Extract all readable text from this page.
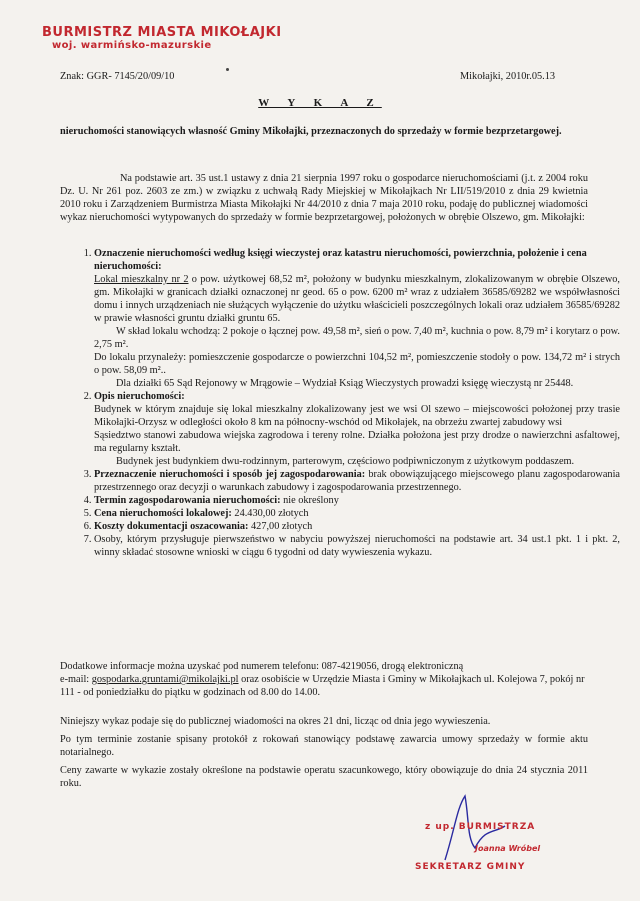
BURMISTRZ MIASTA MIKOŁAJKI
woj. warmińsko-mazurskie
Znak: GGR- 7145/20/09/10	Mikołajki, 2010r.05.13
W Y K A Z
nieruchomości stanowiących własność Gminy Mikołajki, przeznaczonych do sprzedaży w formie bezprzetargowej.
Na podstawie art. 35 ust.1 ustawy z dnia 21 sierpnia 1997 roku o gospodarce nieruchomościami (j.t. z 2004 roku Dz. U. Nr 261 poz. 2603 ze zm.) w związku z uchwałą Rady Miejskiej w Mikołajkach Nr LII/519/2010 z dnia 29 kwietnia 2010 roku i Zarządzeniem Burmistrza Miasta Mikołajki Nr 44/2010 z dnia 7 maja 2010 roku, podaję do publicznej wiadomości wykaz nieruchomości wytypowanych do sprzedaży w formie bezprzetargowej, położonych w obrębie Olszewo, gm. Mikołajki:
1. Oznaczenie nieruchomości według księgi wieczystej oraz katastru nieruchomości, powierzchnia, położenie i cena nieruchomości:
Lokal mieszkalny nr 2 o pow. użytkowej 68,52 m², położony w budynku mieszkalnym, zlokalizowanym w obrębie Olszewo, gm. Mikołajki w granicach działki oznaczonej nr geod. 65 o pow. 6200 m² wraz z udziałem 36585/69282 we współwłasności domu i innych urządzeniach nie służących wyłączenie do użytku właścicieli poszczególnych lokali oraz udziałem 36585/69282 w prawie własności gruntu działki gruntu 65.
W skład lokalu wchodzą: 2 pokoje o łącznej pow. 49,58 m², sień o pow. 7,40 m², kuchnia o pow. 8,79 m² i korytarz o pow. 2,75 m².
Do lokalu przynależy: pomieszczenie gospodarcze o powierzchni 104,52 m², pomieszczenie stodoły o pow. 134,72 m² i strych o pow. 58,09 m²..
Dla działki 65 Sąd Rejonowy w Mrągowie – Wydział Ksiąg Wieczystych prowadzi księgę wieczystą nr 25448.
2. Opis nieruchomości:
Budynek w którym znajduje się lokal mieszkalny zlokalizowany jest we wsi Ol szewo – miejscowości położonej przy trasie Mikołajki-Orzysz w odległości około 8 km na północny-wschód od Mikołajek, na obrzeżu zwartej zabudowy wsi
Sąsiedztwo stanowi zabudowa wiejska zagrodowa i tereny rolne. Działka położona jest przy drodze o nawierzchni asfaltowej, ma regularny kształt.
Budynek jest budynkiem dwu-rodzinnym, parterowym, częściowo podpiwniczonym z użytkowym poddaszem.
3. Przeznaczenie nieruchomości i sposób jej zagospodarowania: brak obowiązującego miejscowego planu zagospodarowania przestrzennego oraz decyzji o warunkach zabudowy i zagospodarowania przestrzennego.
4. Termin zagospodarowania nieruchomości: nie określony
5. Cena nieruchomości lokalowej: 24.430,00 złotych
6. Koszty dokumentacji oszacowania: 427,00 złotych
7. Osoby, którym przysługuje pierwszeństwo w nabyciu powyższej nieruchomości na podstawie art. 34 ust.1 pkt. 1 i pkt. 2, winny składać stosowne wnioski w ciągu 6 tygodni od daty wywieszenia wykazu.
Dodatkowe informacje można uzyskać pod numerem telefonu: 087-4219056, drogą elektroniczną
e-mail: gospodarka.gruntami@mikolajki.pl oraz osobiście w Urzędzie Miasta i Gminy w Mikołajkach ul. Kolejowa 7, pokój nr 111 - od poniedziałku do piątku w godzinach od 8.00 do 14.00.

Niniejszy wykaz podaje się do publicznej wiadomości na okres 21 dni, licząc od dnia jego wywieszenia.

Po tym terminie zostanie spisany protokół z rokowań stanowiący podstawę zawarcia umowy sprzedaży w formie aktu notarialnego.

Ceny zawarte w wykazie zostały określone na podstawie operatu szacunkowego, który obowiązuje do dnia 24 stycznia 2011 roku.

z up. BURMISTRZA
Joanna Wróbel
SEKRETARZ GMINY
